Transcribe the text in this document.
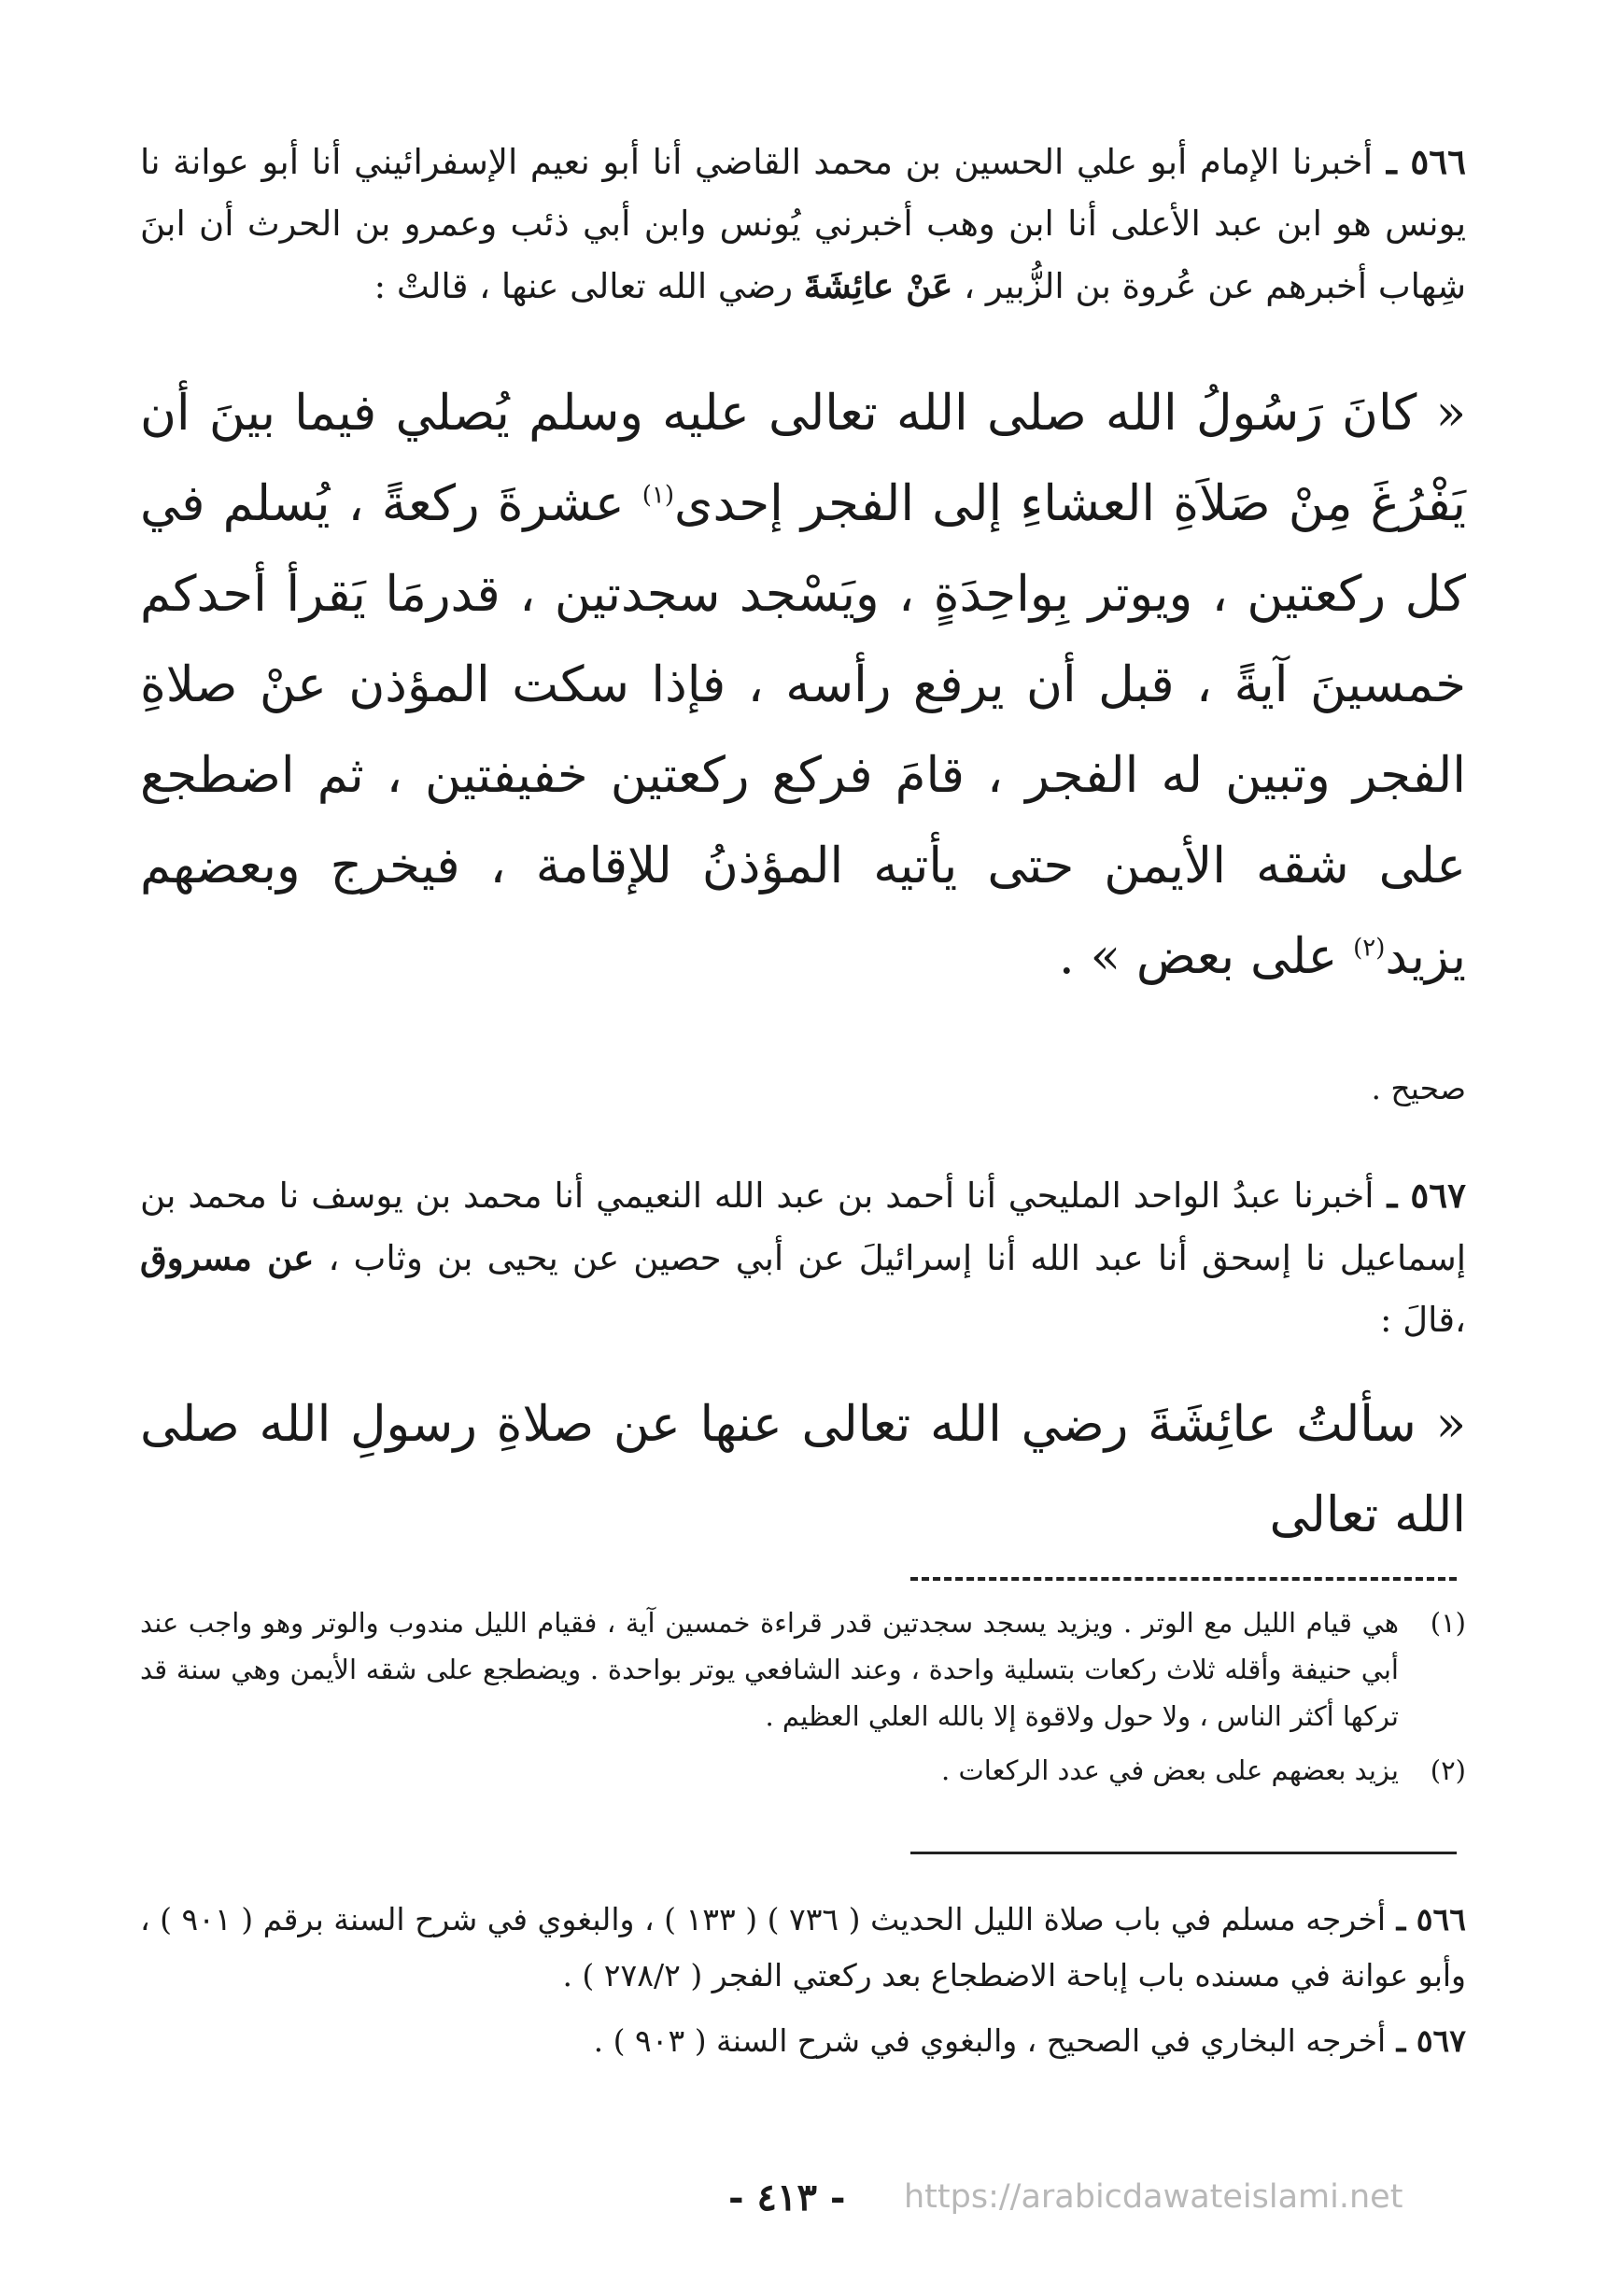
٥٦٦ ـ أخبرنا الإمام أبو علي الحسين بن محمد القاضي أنا أبو نعيم الإسفرائيني أنا أبو عوانة نا يونس هو ابن عبد الأعلى أنا ابن وهب أخبرني يُونس وابن أبي ذئب وعمرو بن الحرث أن ابنَ شِهاب أخبرهم عن عُروة بن الزُّبير ، عَنْ عائِشَةَ رضي الله تعالى عنها ، قالتْ :

« كانَ رَسُولُ الله صلى الله تعالى عليه وسلم يُصلي فيما بينَ أن يَفْرُغَ مِنْ صَلاَةِ العشاءِ إلى الفجر إحدى$^{(١)}$ عشرةَ ركعةً ، يُسلم في كل ركعتين ، ويوتر بِواحِدَةٍ ، ويَسْجد سجدتين ، قدرمَا يَقرأ أحدكم خمسينَ آيةً ، قبل أن يرفع رأسه ، فإذا سكت المؤذن عنْ صلاةِ الفجر وتبين له الفجر ، قامَ فركع ركعتين خفيفتين ، ثم اضطجع على شقه الأيمن حتى يأتيه المؤذنُ للإقامة ، فيخرج وبعضهم يزيد$^{(٢)}$ على بعض » .

صحيح .

٥٦٧ ـ أخبرنا عبدُ الواحد المليحي أنا أحمد بن عبد الله النعيمي أنا محمد بن يوسف نا محمد بن إسماعيل نا إسحق أنا عبد الله أنا إسرائيلَ عن أبي حصين عن يحيى بن وثاب ، عن مسروق ،قالَ :

« سألتُ عائِشَةَ رضي الله تعالى عنها عن صلاةِ رسولِ الله صلى الله تعالى

(١)
هي قيام الليل مع الوتر . ويزيد يسجد سجدتين قدر قراءة خمسين آية ، فقيام الليل مندوب والوتر وهو واجب عند أبي حنيفة وأقله ثلاث ركعات بتسلية واحدة ، وعند الشافعي يوتر بواحدة . ويضطجع على شقه الأيمن وهي سنة قد تركها أكثر الناس ، ولا حول ولاقوة إلا بالله العلي العظيم .
(٢)
يزيد بعضهم على بعض في عدد الركعات .

٥٦٦ ـ أخرجه مسلم في باب صلاة الليل الحديث ( ٧٣٦ ) ( ١٣٣ ) ، والبغوي في شرح السنة برقم ( ٩٠١ ) ، وأبو عوانة في مسنده باب إباحة الاضطجاع بعد ركعتي الفجر ( ٢٧٨/٢ ) .

٥٦٧ ـ أخرجه البخاري في الصحيح ، والبغوي في شرح السنة ( ٩٠٣ ) .

- ٤١٣ - https://arabicdawateislami.net
